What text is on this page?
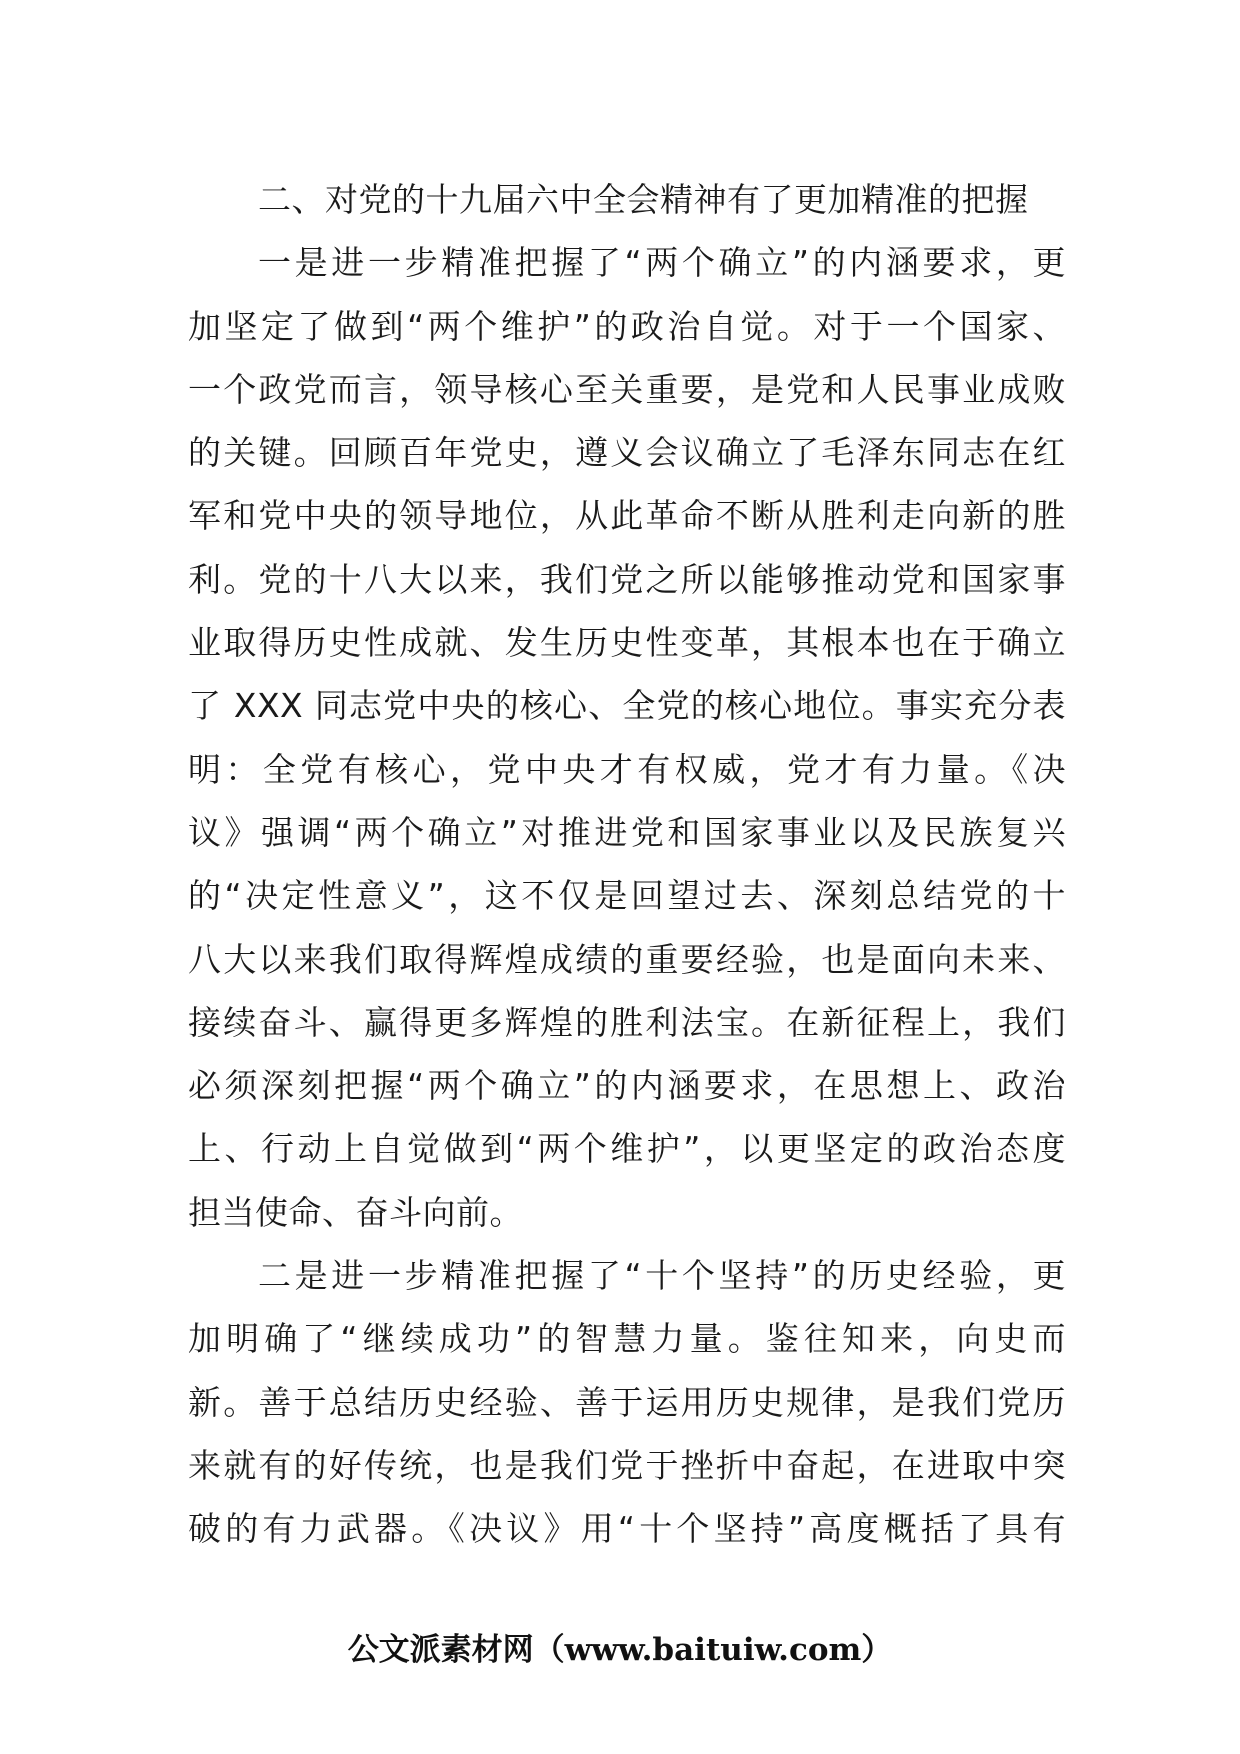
二、对党的十九届六中全会精神有了更加精准的把握
一是进一步精准把握了“两个确立”的内涵要求，更
加坚定了做到“两个维护”的政治自觉。对于一个国家、
一个政党而言，领导核心至关重要，是党和人民事业成败
的关键。回顾百年党史，遵义会议确立了毛泽东同志在红
军和党中央的领导地位，从此革命不断从胜利走向新的胜
利。党的十八大以来，我们党之所以能够推动党和国家事
业取得历史性成就、发生历史性变革，其根本也在于确立
了 XXX 同志党中央的核心、全党的核心地位。事实充分表
明：全党有核心，党中央才有权威，党才有力量。《决
议》强调“两个确立”对推进党和国家事业以及民族复兴
的“决定性意义”，这不仅是回望过去、深刻总结党的十
八大以来我们取得辉煌成绩的重要经验，也是面向未来、
接续奋斗、赢得更多辉煌的胜利法宝。在新征程上，我们
必须深刻把握“两个确立”的内涵要求，在思想上、政治
上、行动上自觉做到“两个维护”，以更坚定的政治态度
担当使命、奋斗向前。
二是进一步精准把握了“十个坚持”的历史经验，更
加明确了“继续成功”的智慧力量。鉴往知来，向史而
新。善于总结历史经验、善于运用历史规律，是我们党历
来就有的好传统，也是我们党于挫折中奋起，在进取中突
破的有力武器。《决议》用“十个坚持”高度概括了具有
公文派素材网（www.baituiw.com）
